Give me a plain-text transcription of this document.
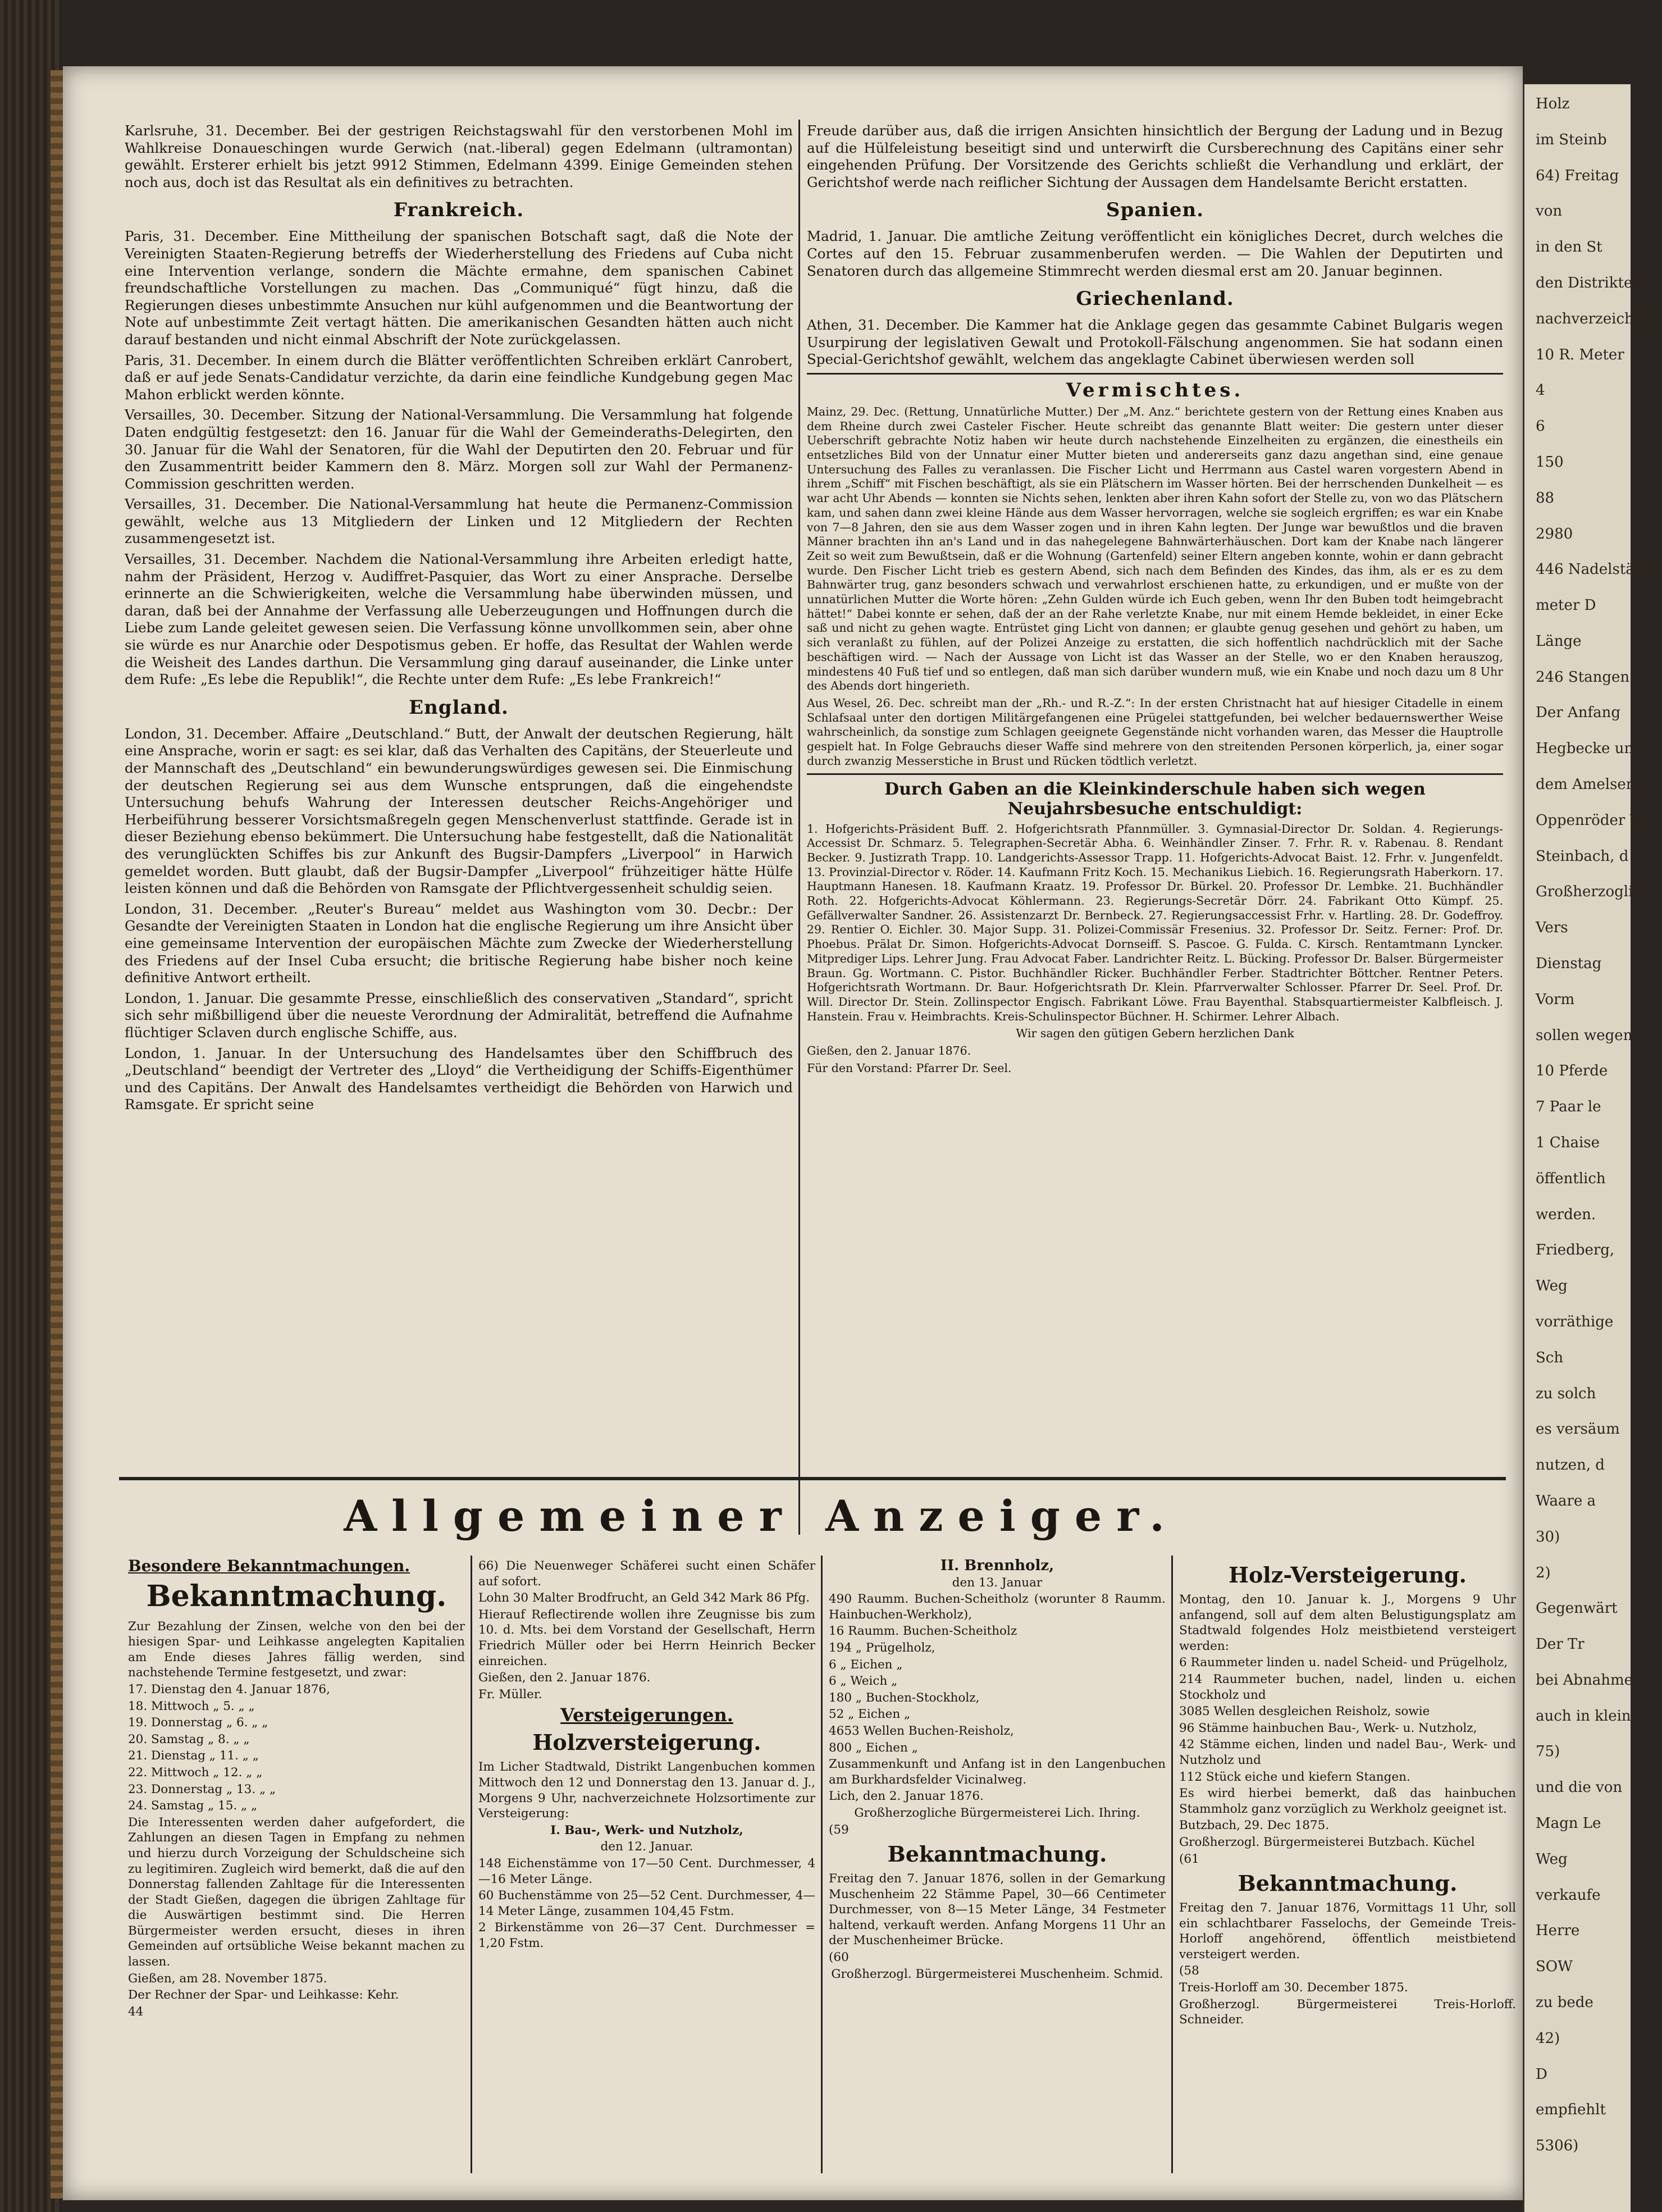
Karlsruhe, 31. December. Bei der gestrigen Reichstagswahl für den verstorbenen Mohl im Wahlkreise Donaueschingen wurde Gerwich (nat.-liberal) gegen Edelmann (ultramontan) gewählt. Ersterer erhielt bis jetzt 9912 Stimmen, Edelmann 4399. Einige Gemeinden stehen noch aus, doch ist das Resultat als ein definitives zu betrachten.

Frankreich.

Paris, 31. December. Eine Mittheilung der spanischen Botschaft sagt, daß die Note der Vereinigten Staaten-Regierung betreffs der Wiederherstellung des Friedens auf Cuba nicht eine Intervention verlange, sondern die Mächte ermahne, dem spanischen Cabinet freundschaftliche Vorstellungen zu machen. Das „Communiqué“ fügt hinzu, daß die Regierungen dieses unbestimmte Ansuchen nur kühl aufgenommen und die Beantwortung der Note auf unbestimmte Zeit vertagt hätten. Die amerikanischen Gesandten hätten auch nicht darauf bestanden und nicht einmal Abschrift der Note zurückgelassen.

Paris, 31. December. In einem durch die Blätter veröffentlichten Schreiben erklärt Canrobert, daß er auf jede Senats-Candidatur verzichte, da darin eine feindliche Kundgebung gegen Mac Mahon erblickt werden könnte.

Versailles, 30. December. Sitzung der National-Versammlung. Die Versammlung hat folgende Daten endgültig festgesetzt: den 16. Januar für die Wahl der Gemeinderaths-Delegirten, den 30. Januar für die Wahl der Senatoren, für die Wahl der Deputirten den 20. Februar und für den Zusammentritt beider Kammern den 8. März. Morgen soll zur Wahl der Permanenz-Commission geschritten werden.

Versailles, 31. December. Die National-Versammlung hat heute die Permanenz-Commission gewählt, welche aus 13 Mitgliedern der Linken und 12 Mitgliedern der Rechten zusammengesetzt ist.

Versailles, 31. December. Nachdem die National-Versammlung ihre Arbeiten erledigt hatte, nahm der Präsident, Herzog v. Audiffret-Pasquier, das Wort zu einer Ansprache. Derselbe erinnerte an die Schwierigkeiten, welche die Versammlung habe überwinden müssen, und daran, daß bei der Annahme der Verfassung alle Ueberzeugungen und Hoffnungen durch die Liebe zum Lande geleitet gewesen seien. Die Verfassung könne unvollkommen sein, aber ohne sie würde es nur Anarchie oder Despotismus geben. Er hoffe, das Resultat der Wahlen werde die Weisheit des Landes darthun. Die Versammlung ging darauf auseinander, die Linke unter dem Rufe: „Es lebe die Republik!“, die Rechte unter dem Rufe: „Es lebe Frankreich!“

England.

London, 31. December. Affaire „Deutschland.“ Butt, der Anwalt der deutschen Regierung, hält eine Ansprache, worin er sagt: es sei klar, daß das Verhalten des Capitäns, der Steuerleute und der Mannschaft des „Deutschland“ ein bewunderungswürdiges gewesen sei. Die Einmischung der deutschen Regierung sei aus dem Wunsche entsprungen, daß die eingehendste Untersuchung behufs Wahrung der Interessen deutscher Reichs-Angehöriger und Herbeiführung besserer Vorsichtsmaßregeln gegen Menschenverlust stattfinde. Gerade ist in dieser Beziehung ebenso bekümmert. Die Untersuchung habe festgestellt, daß die Nationalität des verunglückten Schiffes bis zur Ankunft des Bugsir-Dampfers „Liverpool“ in Harwich gemeldet worden. Butt glaubt, daß der Bugsir-Dampfer „Liverpool“ frühzeitiger hätte Hülfe leisten können und daß die Behörden von Ramsgate der Pflichtvergessenheit schuldig seien.

London, 31. December. „Reuter's Bureau“ meldet aus Washington vom 30. Decbr.: Der Gesandte der Vereinigten Staaten in London hat die englische Regierung um ihre Ansicht über eine gemeinsame Intervention der europäischen Mächte zum Zwecke der Wiederherstellung des Friedens auf der Insel Cuba ersucht; die britische Regierung habe bisher noch keine definitive Antwort ertheilt.

London, 1. Januar. Die gesammte Presse, einschließlich des conservativen „Standard“, spricht sich sehr mißbilligend über die neueste Verordnung der Admiralität, betreffend die Aufnahme flüchtiger Sclaven durch englische Schiffe, aus.

London, 1. Januar. In der Untersuchung des Handelsamtes über den Schiffbruch des „Deutschland“ beendigt der Vertreter des „Lloyd“ die Vertheidigung der Schiffs-Eigenthümer und des Capitäns. Der Anwalt des Handelsamtes vertheidigt die Behörden von Harwich und Ramsgate. Er spricht seine

Freude darüber aus, daß die irrigen Ansichten hinsichtlich der Bergung der Ladung und in Bezug auf die Hülfeleistung beseitigt sind und unterwirft die Cursberechnung des Capitäns einer sehr eingehenden Prüfung. Der Vorsitzende des Gerichts schließt die Verhandlung und erklärt, der Gerichtshof werde nach reiflicher Sichtung der Aussagen dem Handelsamte Bericht erstatten.

Spanien.

Madrid, 1. Januar. Die amtliche Zeitung veröffentlicht ein königliches Decret, durch welches die Cortes auf den 15. Februar zusammenberufen werden. — Die Wahlen der Deputirten und Senatoren durch das allgemeine Stimmrecht werden diesmal erst am 20. Januar beginnen.

Griechenland.

Athen, 31. December. Die Kammer hat die Anklage gegen das gesammte Cabinet Bulgaris wegen Usurpirung der legislativen Gewalt und Protokoll-Fälschung angenommen. Sie hat sodann einen Special-Gerichtshof gewählt, welchem das angeklagte Cabinet überwiesen werden soll

Vermischtes.

Mainz, 29. Dec. (Rettung, Unnatürliche Mutter.) Der „M. Anz.“ berichtete gestern von der Rettung eines Knaben aus dem Rheine durch zwei Casteler Fischer. Heute schreibt das genannte Blatt weiter: Die gestern unter dieser Ueberschrift gebrachte Notiz haben wir heute durch nachstehende Einzelheiten zu ergänzen, die einestheils ein entsetzliches Bild von der Unnatur einer Mutter bieten und andererseits ganz dazu angethan sind, eine genaue Untersuchung des Falles zu veranlassen. Die Fischer Licht und Herrmann aus Castel waren vorgestern Abend in ihrem „Schiff“ mit Fischen beschäftigt, als sie ein Plätschern im Wasser hörten. Bei der herrschenden Dunkelheit — es war acht Uhr Abends — konnten sie Nichts sehen, lenkten aber ihren Kahn sofort der Stelle zu, von wo das Plätschern kam, und sahen dann zwei kleine Hände aus dem Wasser hervorragen, welche sie sogleich ergriffen; es war ein Knabe von 7—8 Jahren, den sie aus dem Wasser zogen und in ihren Kahn legten. Der Junge war bewußtlos und die braven Männer brachten ihn an's Land und in das nahegelegene Bahnwärterhäuschen. Dort kam der Knabe nach längerer Zeit so weit zum Bewußtsein, daß er die Wohnung (Gartenfeld) seiner Eltern angeben konnte, wohin er dann gebracht wurde. Den Fischer Licht trieb es gestern Abend, sich nach dem Befinden des Kindes, das ihm, als er es zu dem Bahnwärter trug, ganz besonders schwach und verwahrlost erschienen hatte, zu erkundigen, und er mußte von der unnatürlichen Mutter die Worte hören: „Zehn Gulden würde ich Euch geben, wenn Ihr den Buben todt heimgebracht hättet!“ Dabei konnte er sehen, daß der an der Rahe verletzte Knabe, nur mit einem Hemde bekleidet, in einer Ecke saß und nicht zu gehen wagte. Entrüstet ging Licht von dannen; er glaubte genug gesehen und gehört zu haben, um sich veranlaßt zu fühlen, auf der Polizei Anzeige zu erstatten, die sich hoffentlich nachdrücklich mit der Sache beschäftigen wird. — Nach der Aussage von Licht ist das Wasser an der Stelle, wo er den Knaben herauszog, mindestens 40 Fuß tief und so entlegen, daß man sich darüber wundern muß, wie ein Knabe und noch dazu um 8 Uhr des Abends dort hingerieth.

Aus Wesel, 26. Dec. schreibt man der „Rh.- und R.-Z.“: In der ersten Christnacht hat auf hiesiger Citadelle in einem Schlafsaal unter den dortigen Militärgefangenen eine Prügelei stattgefunden, bei welcher bedauernswerther Weise wahrscheinlich, da sonstige zum Schlagen geeignete Gegenstände nicht vorhanden waren, das Messer die Hauptrolle gespielt hat. In Folge Gebrauchs dieser Waffe sind mehrere von den streitenden Personen körperlich, ja, einer sogar durch zwanzig Messerstiche in Brust und Rücken tödtlich verletzt.

Durch Gaben an die Kleinkinderschule haben sich wegen Neujahrsbesuche entschuldigt:

1. Hofgerichts-Präsident Buff. 2. Hofgerichtsrath Pfannmüller. 3. Gymnasial-Director Dr. Soldan. 4. Regierungs-Accessist Dr. Schmarz. 5. Telegraphen-Secretär Abha. 6. Weinhändler Zinser. 7. Frhr. R. v. Rabenau. 8. Rendant Becker. 9. Justizrath Trapp. 10. Landgerichts-Assessor Trapp. 11. Hofgerichts-Advocat Baist. 12. Frhr. v. Jungenfeldt. 13. Provinzial-Director v. Röder. 14. Kaufmann Fritz Koch. 15. Mechanikus Liebich. 16. Regierungsrath Haberkorn. 17. Hauptmann Hanesen. 18. Kaufmann Kraatz. 19. Professor Dr. Bürkel. 20. Professor Dr. Lembke. 21. Buchhändler Roth. 22. Hofgerichts-Advocat Köhlermann. 23. Regierungs-Secretär Dörr. 24. Fabrikant Otto Kümpf. 25. Gefällverwalter Sandner. 26. Assistenzarzt Dr. Bernbeck. 27. Regierungsaccessist Frhr. v. Hartling. 28. Dr. Godeffroy. 29. Rentier O. Eichler. 30. Major Supp. 31. Polizei-Commissär Fresenius. 32. Professor Dr. Seitz. Ferner: Prof. Dr. Phoebus. Prälat Dr. Simon. Hofgerichts-Advocat Dornseiff. S. Pascoe. G. Fulda. C. Kirsch. Rentamtmann Lyncker. Mitprediger Lips. Lehrer Jung. Frau Advocat Faber. Landrichter Reitz. L. Bücking. Professor Dr. Balser. Bürgermeister Braun. Gg. Wortmann. C. Pistor. Buchhändler Ricker. Buchhändler Ferber. Stadtrichter Böttcher. Rentner Peters. Hofgerichtsrath Wortmann. Dr. Baur. Hofgerichtsrath Dr. Klein. Pfarrverwalter Schlosser. Pfarrer Dr. Seel. Prof. Dr. Will. Director Dr. Stein. Zollinspector Engisch. Fabrikant Löwe. Frau Bayenthal. Stabsquartiermeister Kalbfleisch. J. Hanstein. Frau v. Heimbrachts. Kreis-Schulinspector Büchner. H. Schirmer. Lehrer Albach.

Wir sagen den gütigen Gebern herzlichen Dank

Gießen, den 2. Januar 1876.

Für den Vorstand: Pfarrer Dr. Seel.

Allgemeiner Anzeiger.

Besondere Bekanntmachungen.

Bekanntmachung.

Zur Bezahlung der Zinsen, welche von den bei der hiesigen Spar- und Leihkasse angelegten Kapitalien am Ende dieses Jahres fällig werden, sind nachstehende Termine festgesetzt, und zwar:

17. Dienstag den 4. Januar 1876,

18. Mittwoch „ 5. „ „

19. Donnerstag „ 6. „ „

20. Samstag „ 8. „ „

21. Dienstag „ 11. „ „

22. Mittwoch „ 12. „ „

23. Donnerstag „ 13. „ „

24. Samstag „ 15. „ „

Die Interessenten werden daher aufgefordert, die Zahlungen an diesen Tagen in Empfang zu nehmen und hierzu durch Vorzeigung der Schuldscheine sich zu legitimiren. Zugleich wird bemerkt, daß die auf den Donnerstag fallenden Zahltage für die Interessenten der Stadt Gießen, dagegen die übrigen Zahltage für die Auswärtigen bestimmt sind. Die Herren Bürgermeister werden ersucht, dieses in ihren Gemeinden auf ortsübliche Weise bekannt machen zu lassen.

Gießen, am 28. November 1875.

Der Rechner der Spar- und Leihkasse: Kehr.

44

66) Die Neuenweger Schäferei sucht einen Schäfer auf sofort.

Lohn 30 Malter Brodfrucht, an Geld 342 Mark 86 Pfg.

Hierauf Reflectirende wollen ihre Zeugnisse bis zum 10. d. Mts. bei dem Vorstand der Gesellschaft, Herrn Friedrich Müller oder bei Herrn Heinrich Becker einreichen.

Gießen, den 2. Januar 1876.

Fr. Müller.

Versteigerungen.
Holzversteigerung.

Im Licher Stadtwald, Distrikt Langenbuchen kommen Mittwoch den 12 und Donnerstag den 13. Januar d. J., Morgens 9 Uhr, nachverzeichnete Holzsortimente zur Versteigerung:

I. Bau-, Werk- und Nutzholz,

den 12. Januar.

148 Eichenstämme von 17—50 Cent. Durchmesser, 4—16 Meter Länge.

60 Buchenstämme von 25—52 Cent. Durchmesser, 4—14 Meter Länge, zusammen 104,45 Fstm.

2 Birkenstämme von 26—37 Cent. Durchmesser = 1,20 Fstm.

II. Brennholz,

den 13. Januar

490 Raumm. Buchen-Scheitholz (worunter 8 Raumm. Hainbuchen-Werkholz),

16 Raumm. Buchen-Scheitholz

194 „ Prügelholz,

6 „ Eichen „

6 „ Weich „

180 „ Buchen-Stockholz,

52 „ Eichen „

4653 Wellen Buchen-Reisholz,

800 „ Eichen „

Zusammenkunft und Anfang ist in den Langenbuchen am Burkhardsfelder Vicinalweg.

Lich, den 2. Januar 1876.

Großherzogliche Bürgermeisterei Lich. Ihring.

(59

Bekanntmachung.

Freitag den 7. Januar 1876, sollen in der Gemarkung Muschenheim 22 Stämme Papel, 30—66 Centimeter Durchmesser, von 8—15 Meter Länge, 34 Festmeter haltend, verkauft werden. Anfang Morgens 11 Uhr an der Muschenheimer Brücke.

(60

Großherzogl. Bürgermeisterei Muschenheim. Schmid.

Holz-Versteigerung.

Montag, den 10. Januar k. J., Morgens 9 Uhr anfangend, soll auf dem alten Belustigungsplatz am Stadtwald folgendes Holz meistbietend versteigert werden:

6 Raummeter linden u. nadel Scheid- und Prügelholz,

214 Raummeter buchen, nadel, linden u. eichen Stockholz und

3085 Wellen desgleichen Reisholz, sowie

96 Stämme hainbuchen Bau-, Werk- u. Nutzholz,

42 Stämme eichen, linden und nadel Bau-, Werk- und Nutzholz und

112 Stück eiche und kiefern Stangen.

Es wird hierbei bemerkt, daß das hainbuchen Stammholz ganz vorzüglich zu Werkholz geeignet ist.

Butzbach, 29. Dec 1875.

Großherzogl. Bürgermeisterei Butzbach. Küchel

(61

Bekanntmachung.

Freitag den 7. Januar 1876, Vormittags 11 Uhr, soll ein schlachtbarer Fasselochs, der Gemeinde Treis-Horloff angehörend, öffentlich meistbietend versteigert werden.

(58

Treis-Horloff am 30. December 1875.

Großherzogl. Bürgermeisterei Treis-Horloff. Schneider.

Holz
im Steinb
64) Freitag
von
in den St
den Distrikten
nachverzeichnet
10 R. Meter
4
6
150
88
2980
446 Nadelstämm
meter D
Länge
246 Stangen
Der Anfang
Hegbecke und
dem Amelsenko
Oppenröder We
Steinbach, d
Großherzoglich
Vers
Dienstag
Vorm
sollen wegen
10 Pferde
7 Paar le
1 Chaise
öffentlich
werden.
Friedberg,
Weg
vorräthige
Sch
zu solch
es versäum
nutzen, d
Waare a
30)
2)
Gegenwärt
Der Tr
bei Abnahme
auch in klein
75)
und die von
Magn Le
Weg
verkaufe
Herre
SOW
zu bede
42)
D
empfiehlt
5306)
